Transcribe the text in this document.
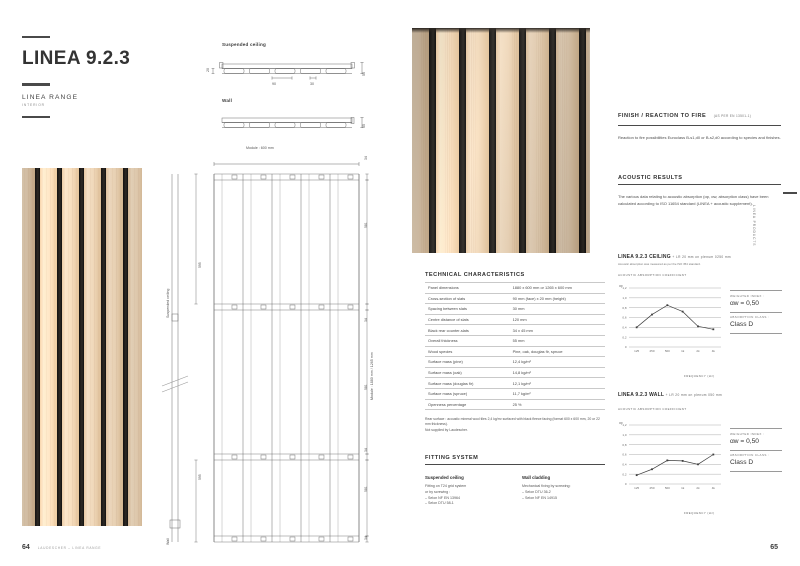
LINEA 9.2.3
LINEA RANGE
INTERIOR
Suspended ceiling
20
55
90	30
Wall
55
Module : 600 mm
Suspended ceiling
Wall
Module : 1880 mm / 1265 mm
TECHNICAL CHARACTERISTICS
Panel dimensions	1880 x 600 mm or 1265 x 600 mm
Cross-section of slats	90 mm (face) x 20 mm (height)
Spacing between slats	30 mm
Centre distance of slats	120 mm
Black rear counter-slats	34 x 45 mm
Overall thickness	55 mm
Wood species	Pine, oak, douglas fir, spruce
Surface mass (pine)	12,4 kg/m²
Surface mass (oak)	14,8 kg/m²
Surface mass (douglas fir)	12,1 kg/m²
Surface mass (spruce)	11,7 kg/m²
Openness percentage	25 %
Rear surface : acoustic mineral wool tiles 2,4 kg/m² surfaced with black fleece facing (format 600 x 600 mm, 20 or 22 mm thickness).
Not supplied by Laudescher.
FITTING SYSTEM
Suspended ceiling
Fitting on T24 grid system
or by screwing :
– Selon NF EN 13964
– Selon DTU 58-1
Wall cladding
Mechanical fixing by screwing:
– Selon DTU 36-2
– Selon NF EN 14915
FINISH / REACTION TO FIRE (AS PER EN 13501-1)
Reaction to fire possibilities Euroclass B-s1,d0 or B-s2,d0 according to species and finishes.
ACOUSTIC RESULTS
The various data relating to acoustic absorption (αp, αw, absorption class) have been calculated according to ISO 11654 standard (LINEA + acoustic supplement).
LINEA 9.2.3 CEILING + LR 20 mm on plenum 0250 mm
Acoustic absorption was measured as per the ISO 354 standard.
ACOUSTIC ABSORPTION COEFFICIENT
0
0,2
0,4
0,6
0,8
1,0
1,2
125	250	500	1k	2k	4k
αp
FREQUENCY (Hz)
WEIGHTED INDEX :
αw = 0,50
ABSORPTION CLASS :
Class D
LINEA 9.2.3 WALL + LR 20 mm on plenum 050 mm
ACOUSTIC ABSORPTION COEFFICIENT
0
0,2
0,4
0,6
0,8
1,0
1,2
125	250	500	1k	2k	4k
αp
FREQUENCY (Hz)
WEIGHTED INDEX :
αw = 0,50
ABSORPTION CLASS :
Class D
LINEA PRODUCTS
64	LAUDESCHER – LINEA RANGE	65
34
581
34
581
34
581
34
595
595
